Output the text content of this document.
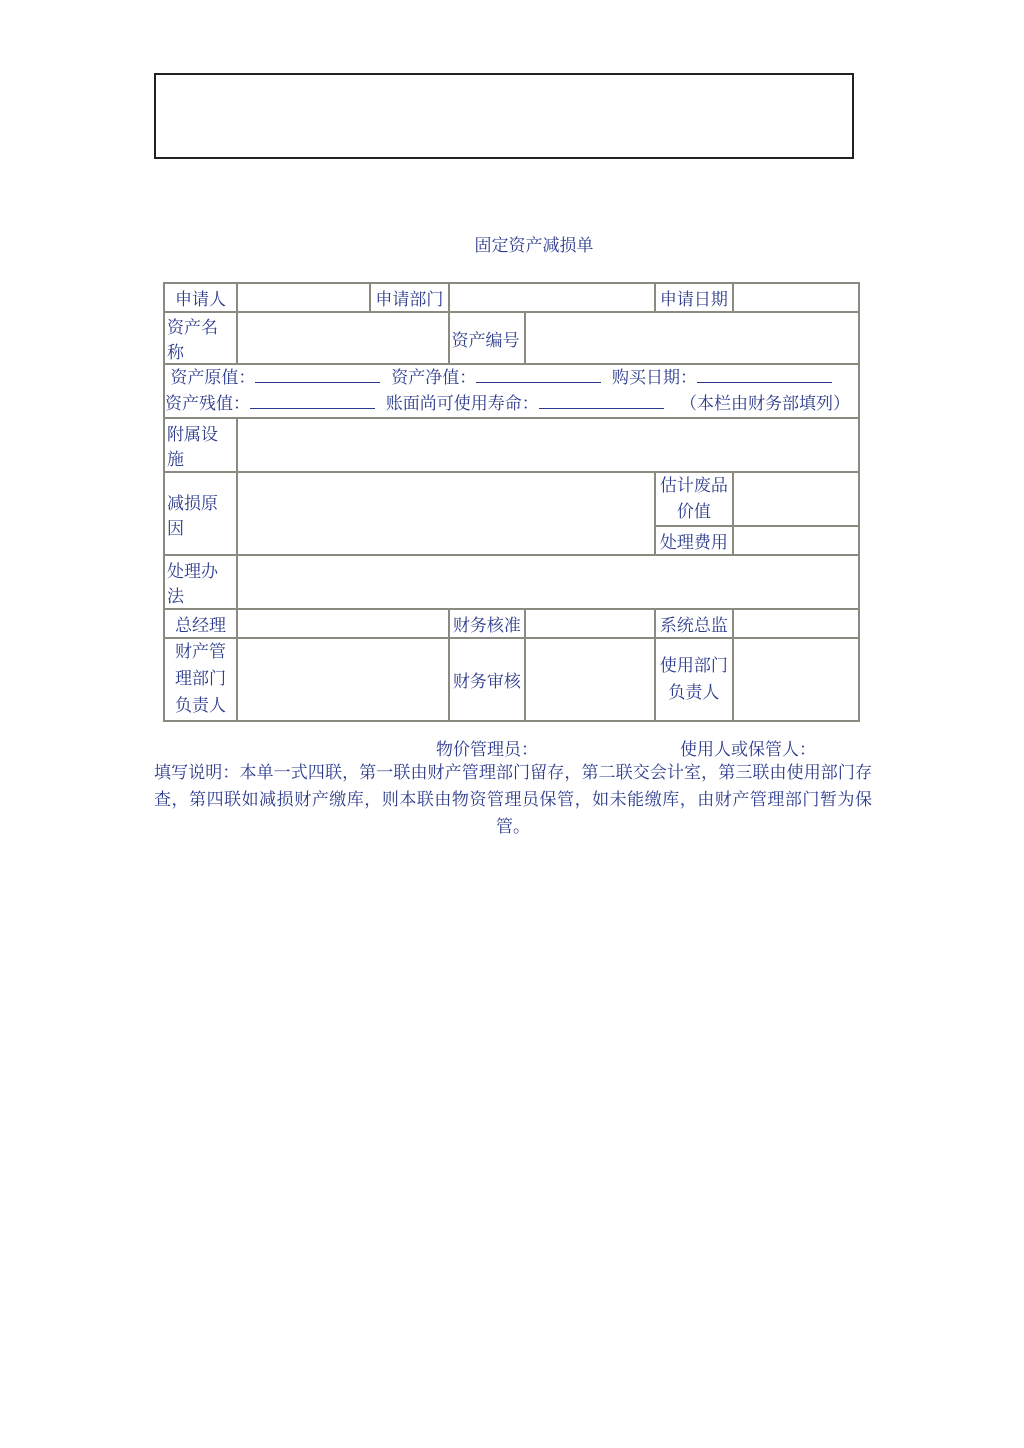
固定资产减损单
申请人		申请部门			申请日期	
资产名称			资产编号			

资产原值： 资产净值： 购买日期：
资产残值： 账面尚可使用寿命： （本栏由财务部填列）						

附属设施						
减损原因					估计废品价值	
					处理费用	
处理办法						
总经理			财务核准		系统总监	
财产管理部门负责人			财务审核		使用部门负责人	
物价管理员：	使用人或保管人：
填写说明：本单一式四联，第一联由财产管理部门留存，第二联交会计室，第三联由使用部门存查，第四联如减损财产缴库，则本联由物资管理员保管，如未能缴库，由财产管理部门暂为保管。
